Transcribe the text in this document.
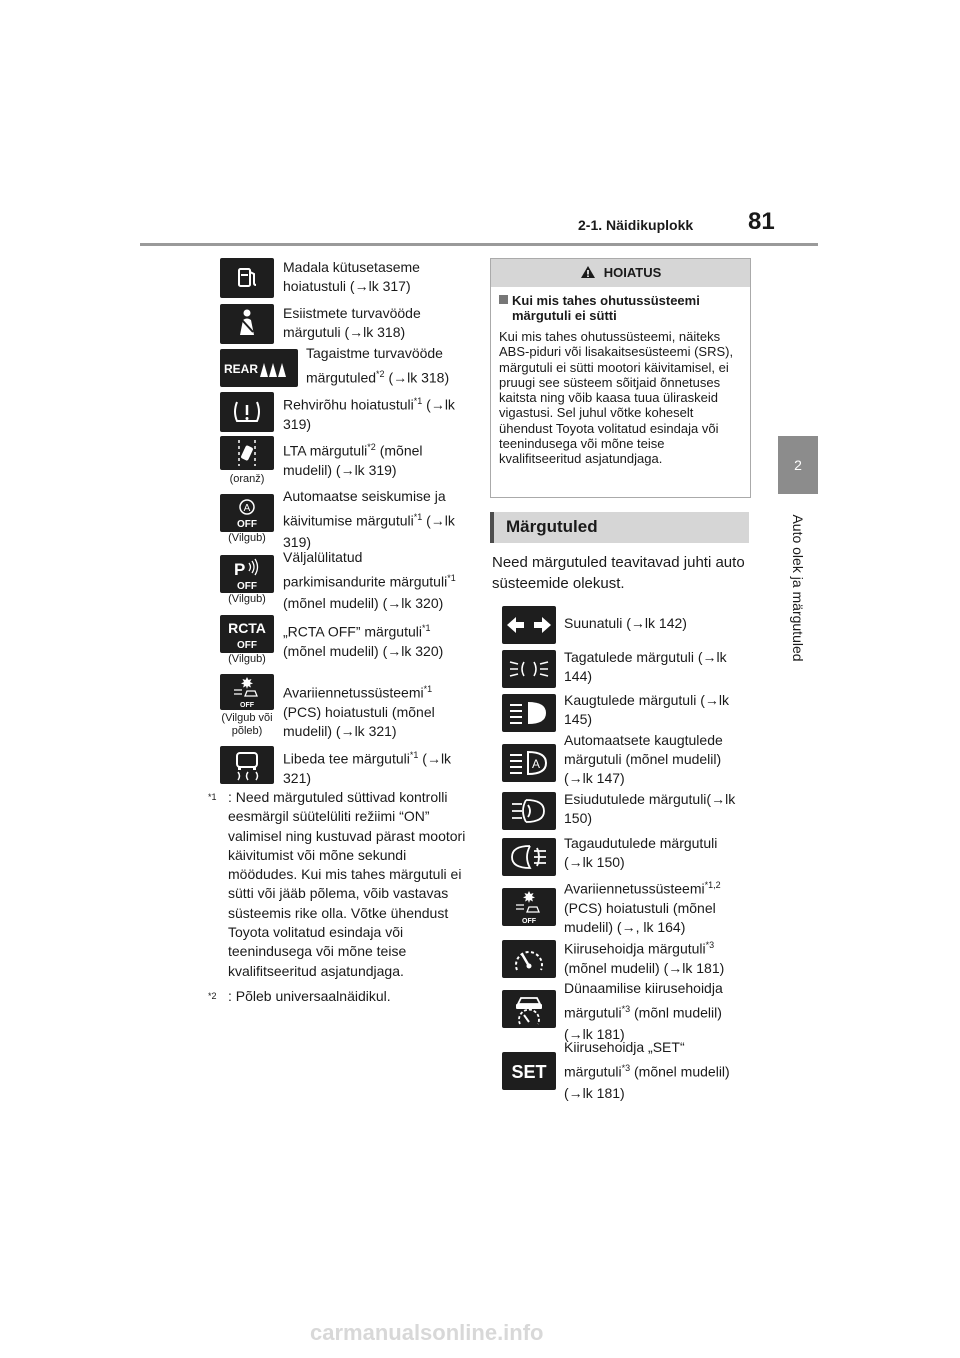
2-1. Näidikuplokk 81
2
Auto olek ja märgutuled
Madala kütusetaseme hoiatustuli (→lk 317)
Esiistmete turvavööde märgutuli (→lk 318)
REAR
Tagaistme turvavööde märgutuled$^{*2}$ (→lk 318)
Rehvirõhu hoiatustuli$^{*1}$ (→lk 319)
(oranž)
LTA märgutuli$^{*2}$ (mõnel mudelil) (→lk 319)
A
OFF
(Vilgub)
Automaatse seiskumise ja käivitumise märgutuli$^{*1}$ (→lk 319)
P
OFF
(Vilgub)
Väljalülitatud parkimisandurite märgutuli$^{*1}$ (mõnel mudelil) (→lk 320)
RCTA
OFF
(Vilgub)
„RCTA OFF” märgutuli$^{*1}$ (mõnel mudelil) (→lk 320)
OFF
(Vilgub või põleb)
Avariiennetussüsteemi$^{*1}$ (PCS) hoiatustuli (mõnel mudelil) (→lk 321)
Libeda tee märgutuli$^{*1}$ (→lk 321)
$^{*1}$ : Need märgutuled süttivad kontrolli eesmärgil süütelüliti režiimi “ON” valimisel ning kustuvad pärast mootori käivitumist või mõne sekundi möödudes. Kui mis tahes märgutuli ei sütti või jääb põlema, võib vastavas süsteemis rike olla. Võtke ühendust Toyota volitatud esindaja või teenindusega või mõne teise kvalifitseeritud asjatundjaga.
$^{*2}$ : Põleb universaalnäidikul.
HOIATUS
Kui mis tahes ohutussüsteemi märgutuli ei sütti
Kui mis tahes ohutussüsteemi, näiteks ABS-piduri või lisakaitsesüsteemi (SRS), märgutuli ei sütti mootori käivitamisel, ei pruugi see süsteem sõitjaid õnnetuses kaitsta ning võib kaasa tuua üliraskeid vigastusi. Sel juhul võtke koheselt ühendust Toyota volitatud esindaja või teenindusega või mõne teise kvalifitseeritud asjatundjaga.
Märgutuled
Need märgutuled teavitavad juhti auto süsteemide olekust.
Suunatuli (→lk 142)
Tagatulede märgutuli (→lk 144)
Kaugtulede märgutuli (→lk 145)
A
Automaatsete kaugtulede märgutuli (mõnel mudelil)(→lk 147)
Esiudutulede märgutuli(→lk 150)
Tagaudutulede märgutuli (→lk 150)
OFF
Avariiennetussüsteemi$^{*1,2}$ (PCS) hoiatustuli (mõnel mudelil) (→, lk 164)
Kiirusehoidja märgutuli$^{*3}$ (mõnel mudelil) (→lk 181)
Dünaamilise kiirusehoidja märgutuli$^{*3}$ (mõnl mudelil) (→lk 181)
SET
Kiirusehoidja „SET“ märgutuli$^{*3}$ (mõnel mudelil) (→lk 181)
carmanualsonline.info
